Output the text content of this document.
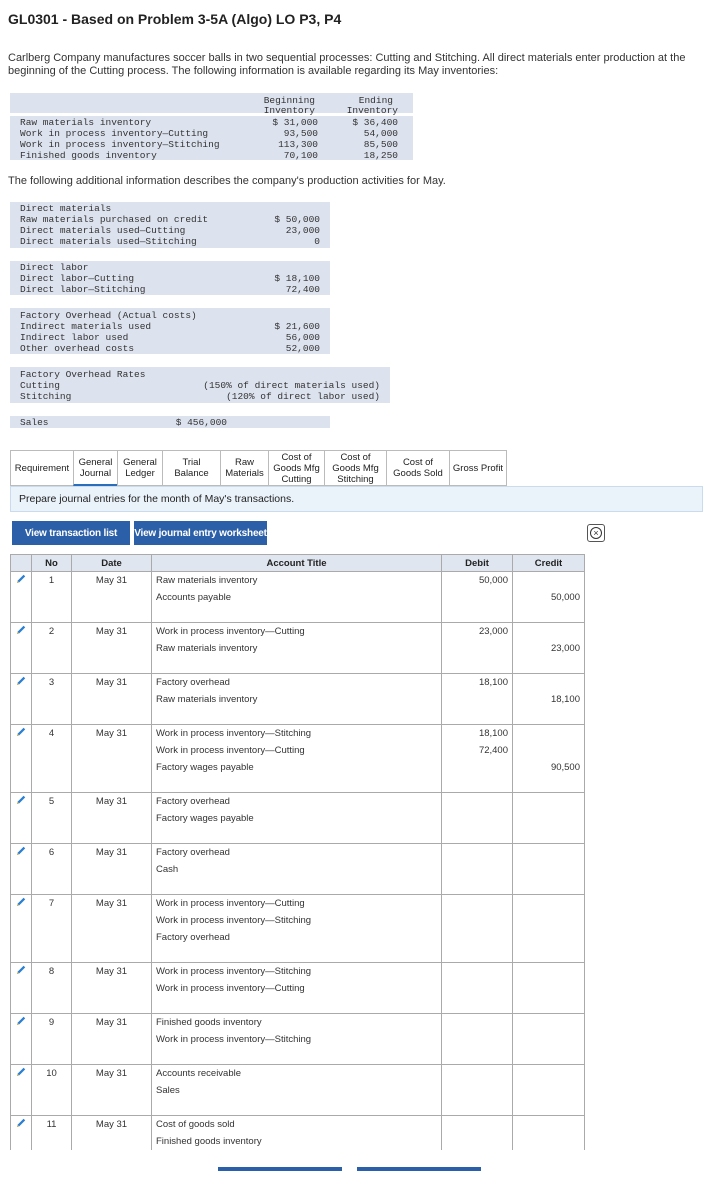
GL0301 - Based on Problem 3-5A (Algo) LO P3, P4
Carlberg Company manufactures soccer balls in two sequential processes: Cutting and Stitching. All direct materials enter production at the beginning of the Cutting process. The following information is available regarding its May inventories:
Beginning
Inventory
Ending
Inventory
Raw materials inventory	$ 31,000	$ 36,400
Work in process inventory—Cutting	93,500	54,000
Work in process inventory—Stitching	113,300	85,500
Finished goods inventory	70,100	18,250
The following additional information describes the company's production activities for May.
Direct materials
Raw materials purchased on credit	$ 50,000
Direct materials used—Cutting	23,000
Direct materials used—Stitching	0
Direct labor
Direct labor—Cutting	$ 18,100
Direct labor—Stitching	72,400
Factory Overhead (Actual costs)
Indirect materials used	$ 21,600
Indirect labor used	56,000
Other overhead costs	52,000
Factory Overhead Rates
Cutting	(150% of direct materials used)
Stitching	(120% of direct labor used)
Sales	$ 456,000
Requirement
General
Journal
General
Ledger
Trial Balance
Raw
Materials
Cost of
Goods Mfg
Cutting
Cost of
Goods Mfg
Stitching
Cost of
Goods Sold Gross Profit
Prepare journal entries for the month of May's transactions.
View transaction list	View journal entry worksheet	×
	No	Date	Account Title	Debit	Credit
	1	May 31	Raw materials inventory	50,000	
			Accounts payable		50,000

	2	May 31	Work in process inventory—Cutting	23,000	
			Raw materials inventory		23,000

	3	May 31	Factory overhead	18,100	
			Raw materials inventory		18,100

	4	May 31	Work in process inventory—Stitching	18,100	
			Work in process inventory—Cutting	72,400	
			Factory wages payable		90,500

	5	May 31	Factory overhead		
			Factory wages payable		

	6	May 31	Factory overhead		
			Cash		

	7	May 31	Work in process inventory—Cutting		
			Work in process inventory—Stitching		
			Factory overhead		

	8	May 31	Work in process inventory—Stitching		
			Work in process inventory—Cutting		

	9	May 31	Finished goods inventory		
			Work in process inventory—Stitching		

	10	May 31	Accounts receivable		
			Sales		

	11	May 31	Cost of goods sold		
			Finished goods inventory		
